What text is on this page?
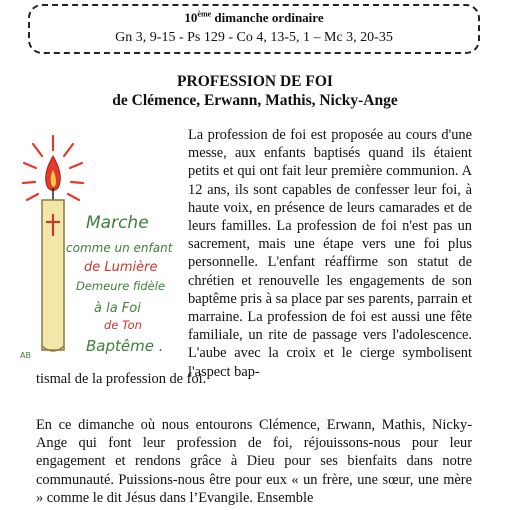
10ème dimanche ordinaire
Gn 3, 9-15 - Ps 129 - Co 4, 13-5, 1 – Mc 3, 20-35
PROFESSION DE FOI
de Clémence, Erwann, Mathis, Nicky-Ange
Marche
comme un enfant
de Lumière
Demeure fidèle
à la Foi
de Ton
Baptême .
AB

La profession de foi est proposée au cours d'une messe, aux enfants baptisés quand ils étaient petits et qui ont fait leur première communion. A 12 ans, ils sont capables de confesser leur foi, à haute voix, en présence de leurs camarades et de leurs familles. La profession de foi n'est pas un sacrement, mais une étape vers une foi plus personnelle. L'enfant réaffirme son statut de chrétien et renouvelle les engagements de son baptême pris à sa place par ses parents, parrain et marraine. La profession de foi est aussi une fête familiale, un rite de passage vers l'adolescence. L'aube avec la croix et le cierge symbolisent l'aspect bap-

tismal de la profession de foi.

En ce dimanche où nous entourons Clémence, Erwann, Mathis, Nicky-Ange qui font leur profession de foi, réjouissons-nous pour leur engagement et rendons grâce à Dieu pour ses bienfaits dans notre communauté. Puissions-nous être pour eux « un frère, une sœur, une mère » comme le dit Jésus dans l’Evangile. Ensemble
